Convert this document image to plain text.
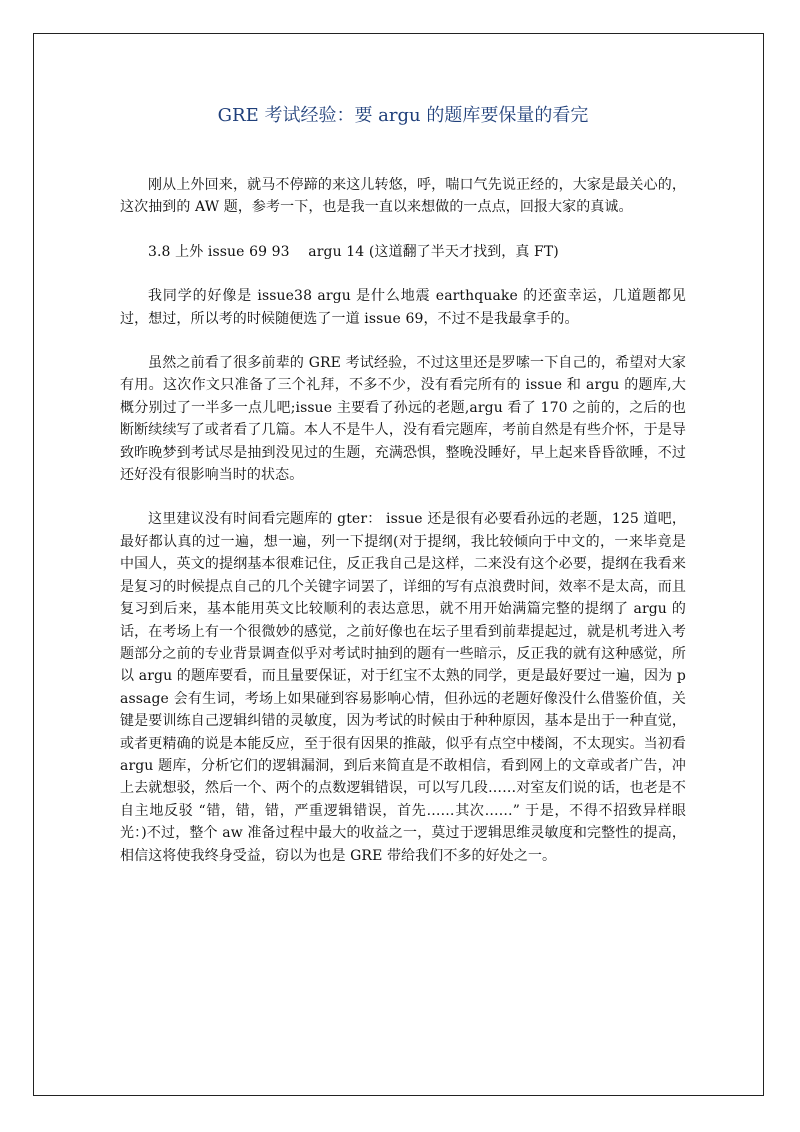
GRE 考试经验：要 argu 的题库要保量的看完

刚从上外回来，就马不停蹄的来这儿转悠，呼，喘口气先说正经的，大家是最关心的，这次抽到的 AW 题，参考一下，也是我一直以来想做的一点点，回报大家的真诚。

3.8 上外 issue 69 93　 argu 14 (这道翻了半天才找到，真 FT)

我同学的好像是 issue38 argu 是什么地震 earthquake 的还蛮幸运，几道题都见过，想过，所以考的时候随便选了一道 issue 69，不过不是我最拿手的。

虽然之前看了很多前辈的 GRE 考试经验，不过这里还是罗嗦一下自己的，希望对大家有用。这次作文只准备了三个礼拜，不多不少，没有看完所有的 issue 和 argu 的题库,大概分别过了一半多一点儿吧;issue 主要看了孙远的老题,argu 看了 170 之前的，之后的也断断续续写了或者看了几篇。本人不是牛人，没有看完题库，考前自然是有些介怀，于是导致昨晚梦到考试尽是抽到没见过的生题，充满恐惧，整晚没睡好，早上起来昏昏欲睡，不过还好没有很影响当时的状态。

这里建议没有时间看完题库的 gter： issue 还是很有必要看孙远的老题，125 道吧，最好都认真的过一遍，想一遍，列一下提纲(对于提纲，我比较倾向于中文的，一来毕竟是中国人，英文的提纲基本很难记住，反正我自己是这样，二来没有这个必要，提纲在我看来是复习的时候提点自己的几个关键字词罢了，详细的写有点浪费时间，效率不是太高，而且复习到后来，基本能用英文比较顺利的表达意思，就不用开始满篇完整的提纲了 argu 的话，在考场上有一个很微妙的感觉，之前好像也在坛子里看到前辈提起过，就是机考进入考题部分之前的专业背景调查似乎对考试时抽到的题有一些暗示，反正我的就有这种感觉，所以 argu 的题库要看，而且量要保证，对于红宝不太熟的同学，更是最好要过一遍，因为 passage 会有生词，考场上如果碰到容易影响心情，但孙远的老题好像没什么借鉴价值，关键是要训练自己逻辑纠错的灵敏度，因为考试的时候由于种种原因，基本是出于一种直觉，或者更精确的说是本能反应，至于很有因果的推敲，似乎有点空中楼阁，不太现实。当初看 argu 题库，分析它们的逻辑漏洞，到后来简直是不敢相信，看到网上的文章或者广告，冲上去就想驳，然后一个、两个的点数逻辑错误，可以写几段……对室友们说的话，也老是不自主地反驳 “错，错，错，严重逻辑错误，首先……其次……” 于是，不得不招致异样眼光：)不过，整个 aw 准备过程中最大的收益之一，莫过于逻辑思维灵敏度和完整性的提高，相信这将使我终身受益，窃以为也是 GRE 带给我们不多的好处之一。
